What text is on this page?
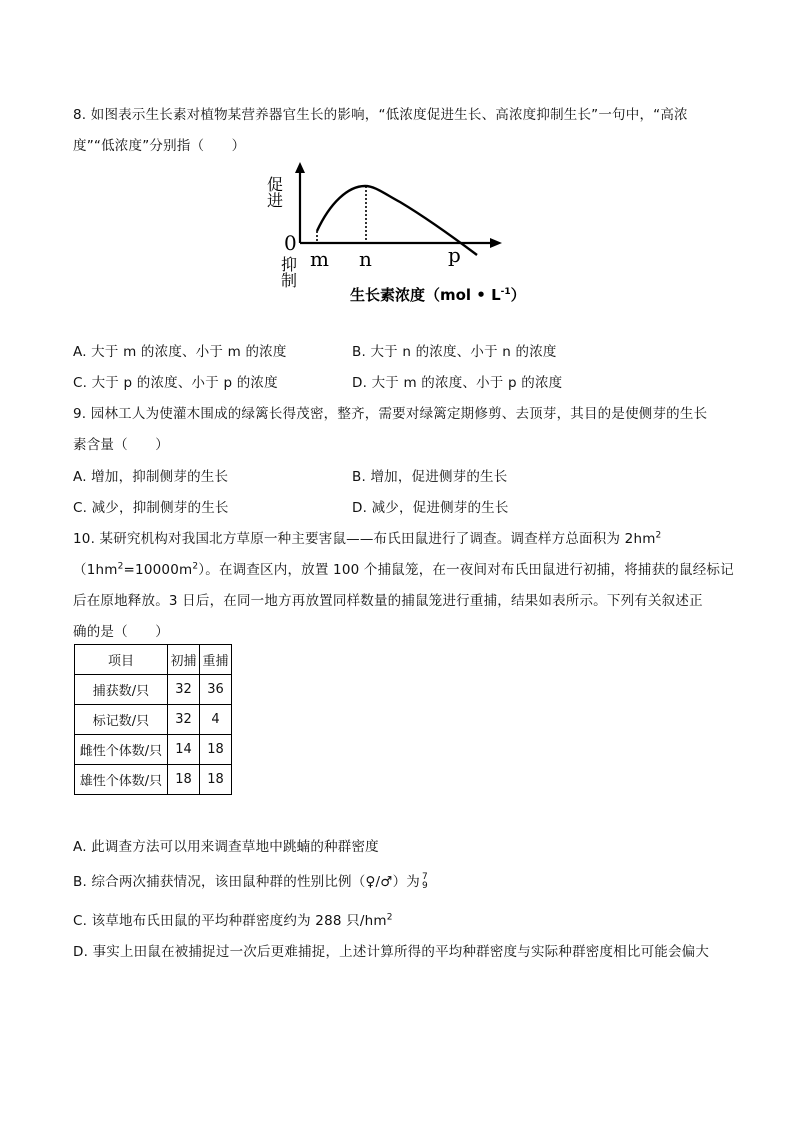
8. 如图表示生长素对植物某营养器官生长的影响，“低浓度促进生长、高浓度抑制生长”一句中，“高浓
度”“低浓度”分别指（　　）
促进
抑制
0
m n	p
生长素浓度（mol • $L^{-1}$）
A. 大于 m 的浓度、小于 m 的浓度	B. 大于 n 的浓度、小于 n 的浓度
C. 大于 p 的浓度、小于 p 的浓度	D. 大于 m 的浓度、小于 p 的浓度
9. 园林工人为使灌木围成的绿篱长得茂密，整齐，需要对绿篱定期修剪、去顶芽，其目的是使侧芽的生长
素含量（　　）
A. 增加，抑制侧芽的生长	B. 增加，促进侧芽的生长
C. 减少，抑制侧芽的生长	D. 减少，促进侧芽的生长
10. 某研究机构对我国北方草原一种主要害鼠——布氏田鼠进行了调查。调查样方总面积为 $2hm^2$
$(1hm^2=10000m^2)$。在调查区内，放置 100 个捕鼠笼，在一夜间对布氏田鼠进行初捕，将捕获的鼠经标记
后在原地释放。3 日后，在同一地方再放置同样数量的捕鼠笼进行重捕，结果如表所示。下列有关叙述正
确的是（　　）
项目	初捕	重捕
捕获数/只	32	36
标记数/只	32	4
雌性个体数/只	14	18
雄性个体数/只	18	18
A. 此调查方法可以用来调查草地中跳蝻的种群密度
B. 综合两次捕获情况，该田鼠种群的性别比例（♀/♂）为 7
9
C. 该草地布氏田鼠的平均种群密度约为 288 只$/hm^2$
D. 事实上田鼠在被捕捉过一次后更难捕捉，上述计算所得的平均种群密度与实际种群密度相比可能会偏大
